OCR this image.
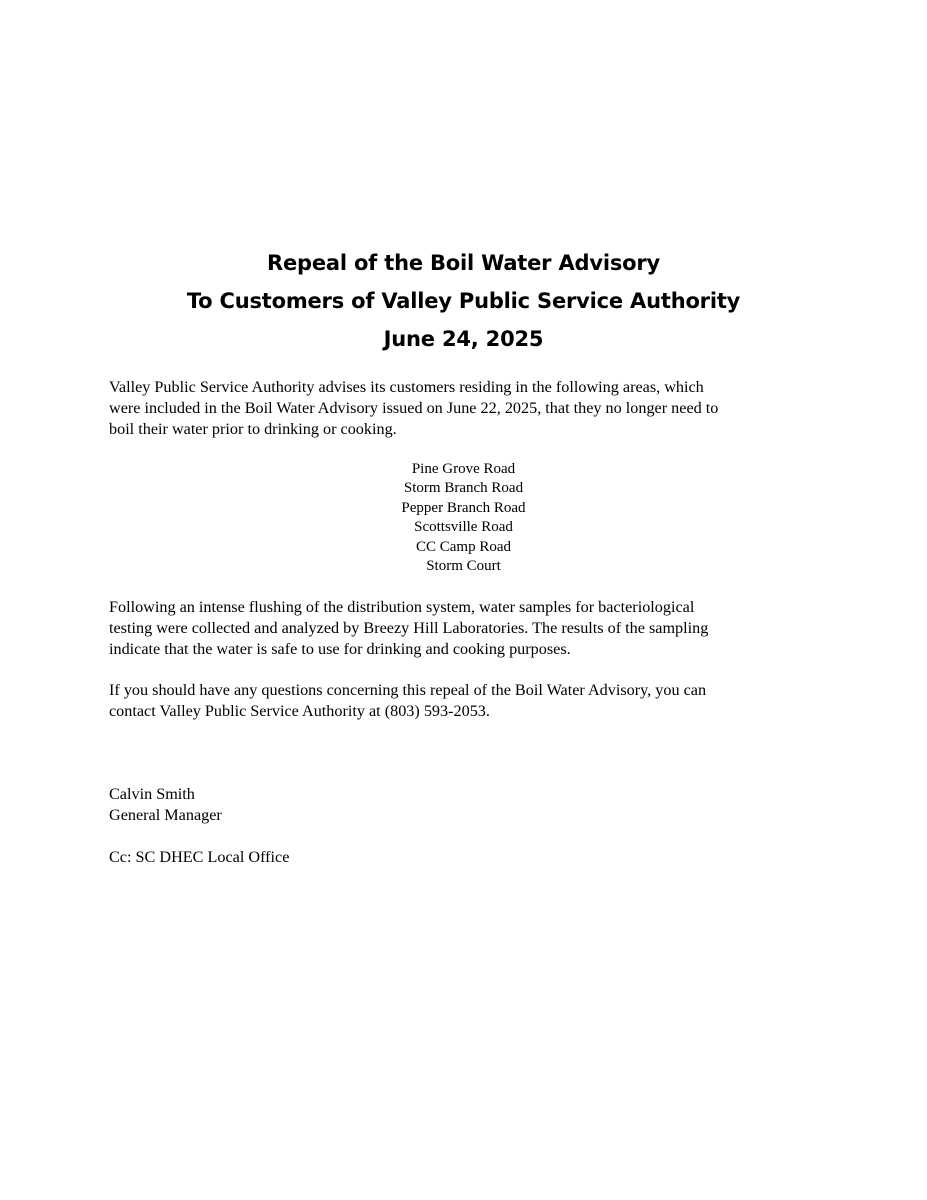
Repeal of the Boil Water Advisory
To Customers of Valley Public Service Authority
June 24, 2025
Valley Public Service Authority advises its customers residing in the following areas, which
were included in the Boil Water Advisory issued on June 22, 2025, that they no longer need to
boil their water prior to drinking or cooking.
Pine Grove Road
Storm Branch Road
Pepper Branch Road
Scottsville Road
CC Camp Road
Storm Court
Following an intense flushing of the distribution system, water samples for bacteriological
testing were collected and analyzed by Breezy Hill Laboratories. The results of the sampling
indicate that the water is safe to use for drinking and cooking purposes.
If you should have any questions concerning this repeal of the Boil Water Advisory, you can
contact Valley Public Service Authority at (803) 593-2053.
Calvin Smith
General Manager
Cc: SC DHEC Local Office
